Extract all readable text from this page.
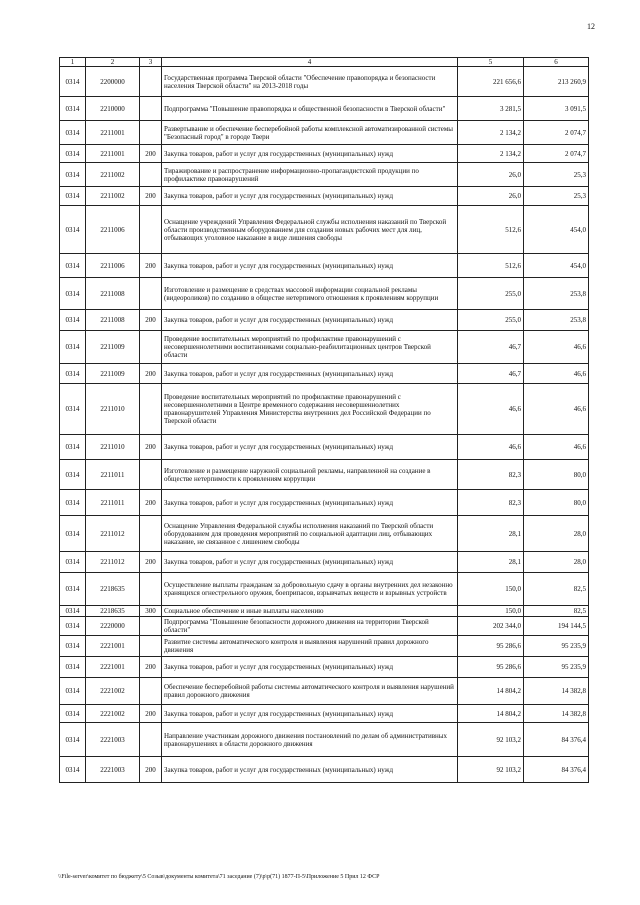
12
1	2	3	4	5	6
0314	2200000		Государственная программа Тверской области "Обеспечение правопорядка и безопасности населения Тверской области" на 2013-2018 годы	221 656,6	213 260,9
0314	2210000		Подпрограмма "Повышение правопорядка и общественной безопасности в Тверской области"	3 281,5	3 091,5
0314	2211001		Развертывание и обеспечение бесперебойной работы комплексной автоматизированной системы "Безопасный город" в городе Твери	2 134,2	2 074,7
0314	2211001	200	Закупка товаров, работ и услуг для государственных (муниципальных) нужд	2 134,2	2 074,7
0314	2211002		Тиражирование и распространение информационно-пропагандистской продукции по профилактике правонарушений	26,0	25,3
0314	2211002	200	Закупка товаров, работ и услуг для государственных (муниципальных) нужд	26,0	25,3
0314	2211006		Оснащение учреждений Управления Федеральной службы исполнения наказаний по Тверской области производственным оборудованием для создания новых рабочих мест для лиц, отбывающих уголовное наказание в виде лишения свободы	512,6	454,0
0314	2211006	200	Закупка товаров, работ и услуг для государственных (муниципальных) нужд	512,6	454,0
0314	2211008		Изготовление и размещение в средствах массовой информации социальной рекламы (видеороликов) по созданию в обществе нетерпимого отношения к проявлениям коррупции	255,0	253,8
0314	2211008	200	Закупка товаров, работ и услуг для государственных (муниципальных) нужд	255,0	253,8
0314	2211009		Проведение воспитательных мероприятий по профилактике правонарушений с несовершеннолетними воспитанниками социально-реабилитационных центров Тверской области	46,7	46,6
0314	2211009	200	Закупка товаров, работ и услуг для государственных (муниципальных) нужд	46,7	46,6
0314	2211010		Проведение воспитательных мероприятий по профилактике правонарушений с несовершеннолетними в Центре временного содержания несовершеннолетних правонарушителей Управления Министерства внутренних дел Российской Федерации по Тверской области	46,6	46,6
0314	2211010	200	Закупка товаров, работ и услуг для государственных (муниципальных) нужд	46,6	46,6
0314	2211011		Изготовление и размещение наружной социальной рекламы, направленной на создание в обществе нетерпимости к проявлениям коррупции	82,3	80,0
0314	2211011	200	Закупка товаров, работ и услуг для государственных (муниципальных) нужд	82,3	80,0
0314	2211012		Оснащение Управления Федеральной службы исполнения наказаний по Тверской области оборудованием для проведения мероприятий по социальной адаптации лиц, отбывающих наказание, не связанное с лишением свободы	28,1	28,0
0314	2211012	200	Закупка товаров, работ и услуг для государственных (муниципальных) нужд	28,1	28,0
0314	2218635		Осуществление выплаты гражданам за добровольную сдачу в органы внутренних дел незаконно хранящихся огнестрельного оружия, боеприпасов, взрывчатых веществ и взрывных устройств	150,0	82,5
0314	2218635	300	Социальное обеспечение и иные выплаты населению	150,0	82,5
0314	2220000		Подпрограмма "Повышение безопасности дорожного движения на территории Тверской области"	202 344,0	194 144,5
0314	2221001		Развитие системы автоматического контроля и выявления нарушений правил дорожного движения	95 286,6	95 235,9
0314	2221001	200	Закупка товаров, работ и услуг для государственных (муниципальных) нужд	95 286,6	95 235,9
0314	2221002		Обеспечение бесперебойной работы системы автоматического контроля и выявления нарушений правил дорожного движения	14 804,2	14 382,8
0314	2221002	200	Закупка товаров, работ и услуг для государственных (муниципальных) нужд	14 804,2	14 382,8
0314	2221003		Направление участникам дорожного движения постановлений по делам об административных правонарушениях в области дорожного движения	92 103,2	84 376,4
0314	2221003	200	Закупка товаров, работ и услуг для государственных (муниципальных) нужд	92 103,2	84 376,4
\\File-server\комитет по бюджету\5 Созыв\документы комитета\71 заседание (7)\р\р(71) 1877-П-5\Приложение 5 Прил 12 ФСР
